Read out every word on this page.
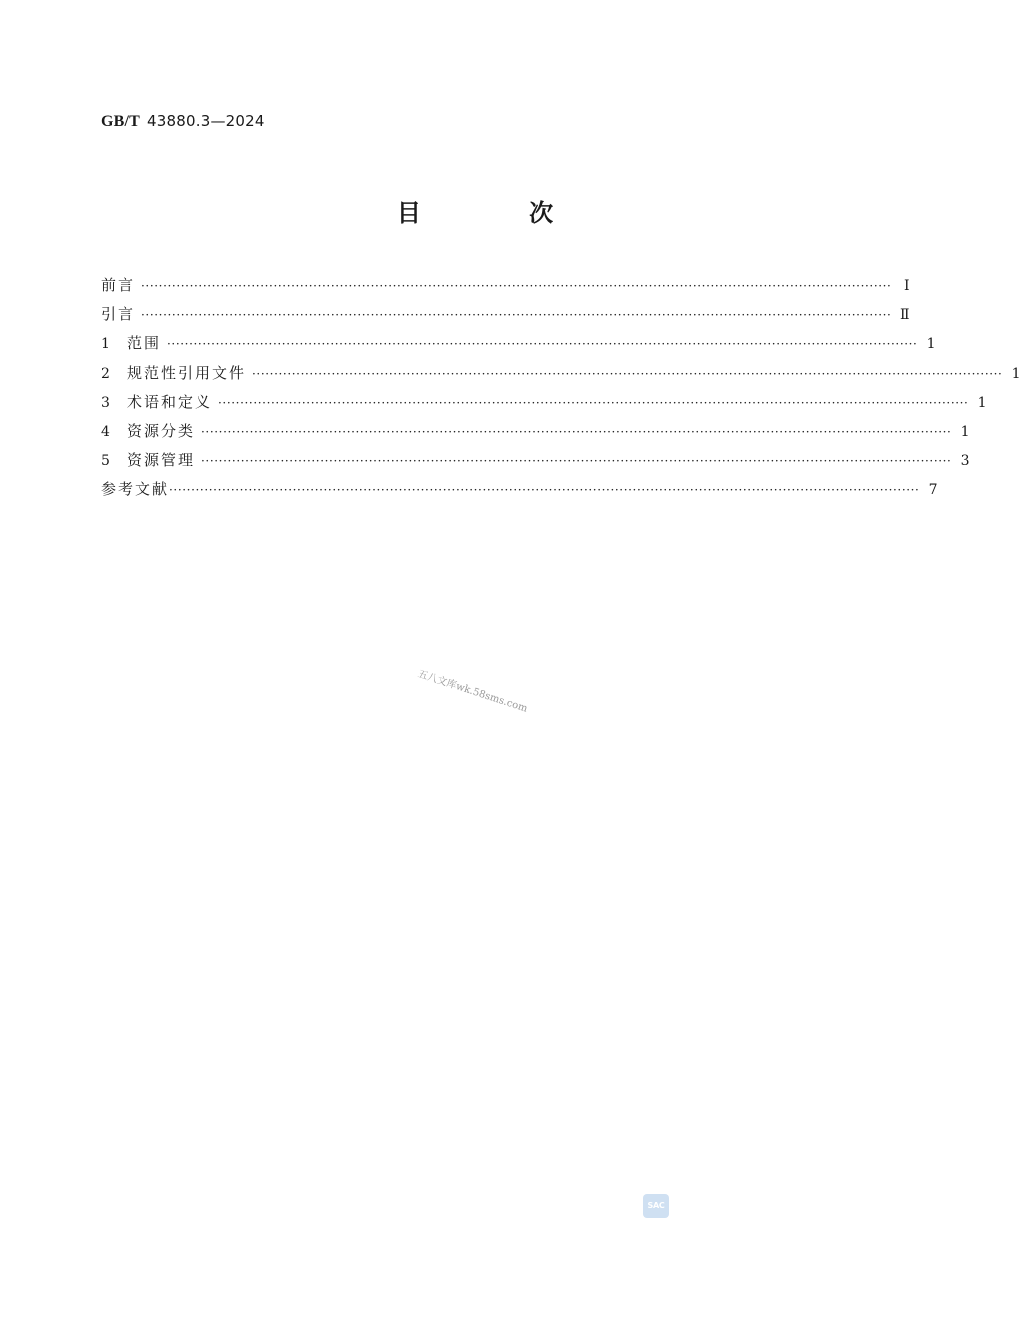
GB/T 43880.3—2024
目 次
前言 ·········································································································································································· Ⅰ
引言 ·········································································································································································· Ⅱ
1	范围 ·········································································································································································· 1
2	规范性引用文件 ·········································································································································································· 1
3	术语和定义 ·········································································································································································· 1
4	资源分类 ·········································································································································································· 1
5	资源管理 ·········································································································································································· 3
参考文献 ·········································································································································································· 7
五八文库wk.58sms.com
SAC
